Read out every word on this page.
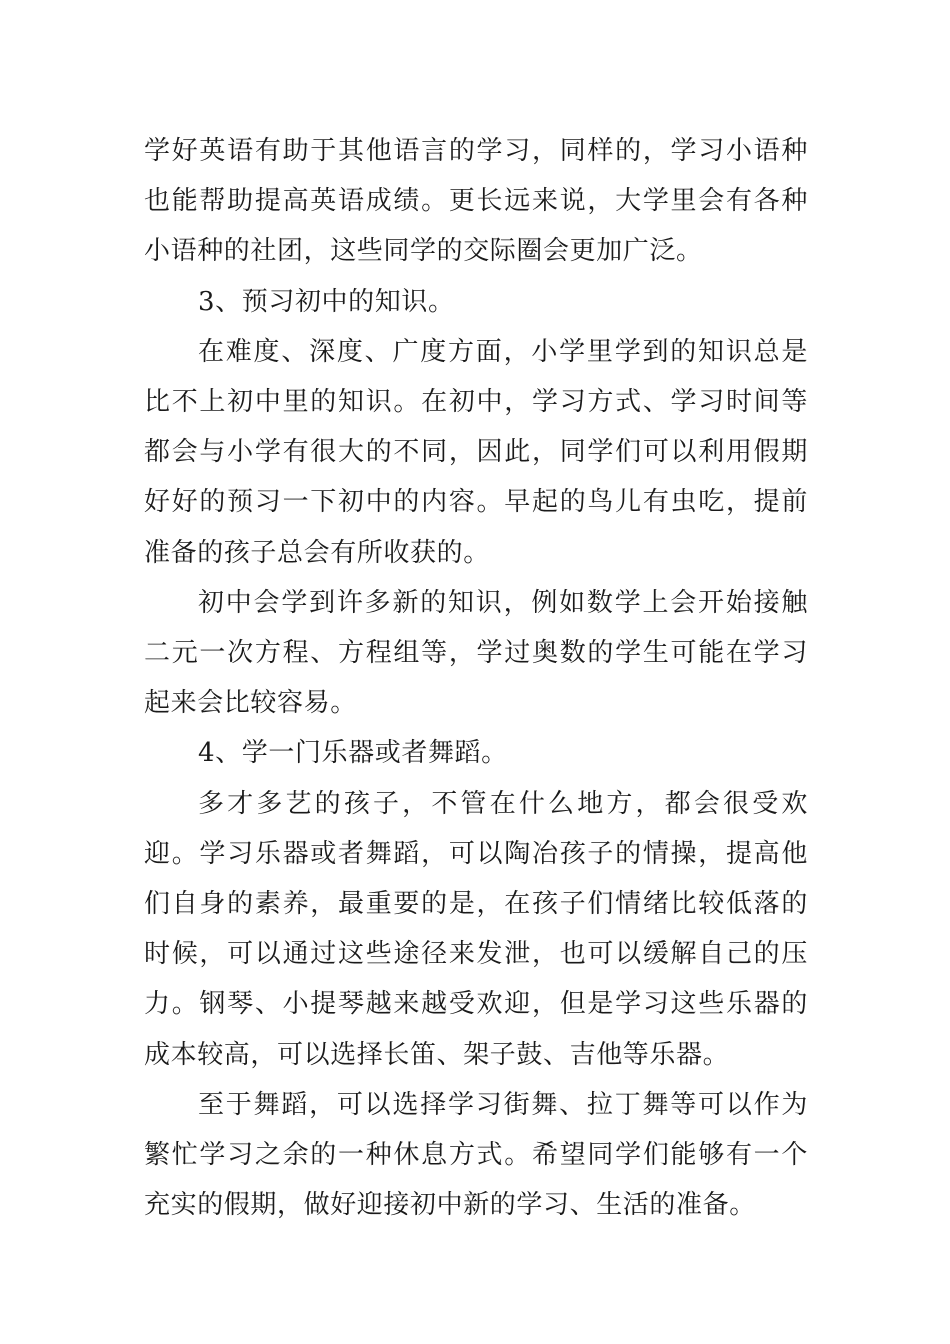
学好英语有助于其他语言的学习，同样的，学习小语种也能帮助提高英语成绩。更长远来说，大学里会有各种小语种的社团，这些同学的交际圈会更加广泛。

3、预习初中的知识。

在难度、深度、广度方面，小学里学到的知识总是比不上初中里的知识。在初中，学习方式、学习时间等都会与小学有很大的不同，因此，同学们可以利用假期好好的预习一下初中的内容。早起的鸟儿有虫吃，提前准备的孩子总会有所收获的。

初中会学到许多新的知识，例如数学上会开始接触二元一次方程、方程组等，学过奥数的学生可能在学习起来会比较容易。

4、学一门乐器或者舞蹈。

多才多艺的孩子，不管在什么地方，都会很受欢迎。学习乐器或者舞蹈，可以陶冶孩子的情操，提高他们自身的素养，最重要的是，在孩子们情绪比较低落的时候，可以通过这些途径来发泄，也可以缓解自己的压力。钢琴、小提琴越来越受欢迎，但是学习这些乐器的成本较高，可以选择长笛、架子鼓、吉他等乐器。

至于舞蹈，可以选择学习街舞、拉丁舞等可以作为繁忙学习之余的一种休息方式。希望同学们能够有一个充实的假期，做好迎接初中新的学习、生活的准备。
